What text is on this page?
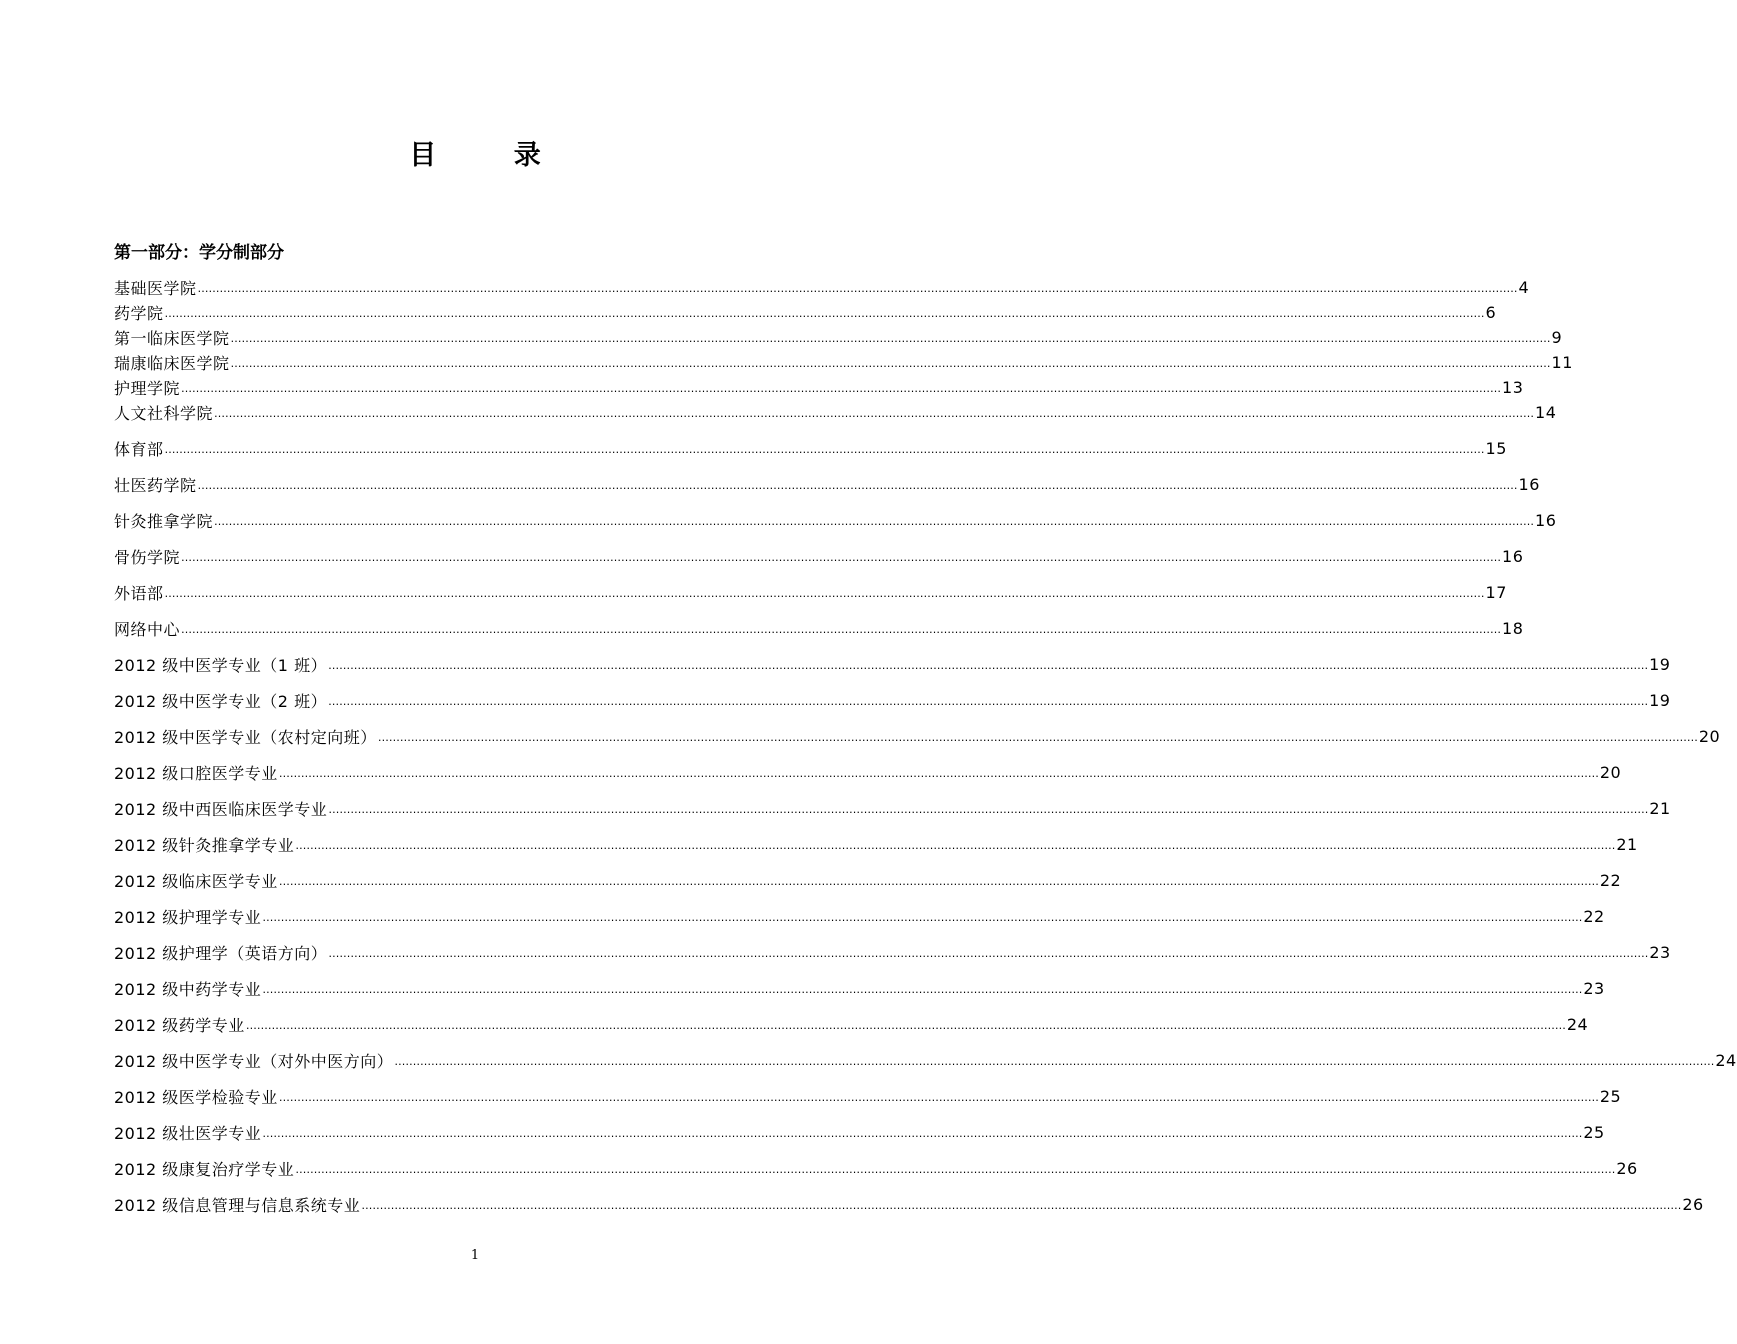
目 录
第一部分：学分制部分
基础医学院 ……………………………………………………………………………………………………………………………………………………………………………………………………………………………………………………………………………………………………………………………… 4
药学院 ……………………………………………………………………………………………………………………………………………………………………………………………………………………………………………………………………………………………………………………………… 6
第一临床医学院 ……………………………………………………………………………………………………………………………………………………………………………………………………………………………………………………………………………………………………………………………… 9
瑞康临床医学院 ……………………………………………………………………………………………………………………………………………………………………………………………………………………………………………………………………………………………………………………………… 11
护理学院 ……………………………………………………………………………………………………………………………………………………………………………………………………………………………………………………………………………………………………………………………… 13
人文社科学院 ……………………………………………………………………………………………………………………………………………………………………………………………………………………………………………………………………………………………………………………………… 14
体育部 ……………………………………………………………………………………………………………………………………………………………………………………………………………………………………………………………………………………………………………………………… 15
壮医药学院 ……………………………………………………………………………………………………………………………………………………………………………………………………………………………………………………………………………………………………………………………… 16
针灸推拿学院 ……………………………………………………………………………………………………………………………………………………………………………………………………………………………………………………………………………………………………………………………… 16
骨伤学院 ……………………………………………………………………………………………………………………………………………………………………………………………………………………………………………………………………………………………………………………………… 16
外语部 ……………………………………………………………………………………………………………………………………………………………………………………………………………………………………………………………………………………………………………………………… 17
网络中心 ……………………………………………………………………………………………………………………………………………………………………………………………………………………………………………………………………………………………………………………………… 18
2012 级中医学专业（1 班） ……………………………………………………………………………………………………………………………………………………………………………………………………………………………………………………………………………………………………………………………… 19
2012 级中医学专业（2 班） ……………………………………………………………………………………………………………………………………………………………………………………………………………………………………………………………………………………………………………………………… 19
2012 级中医学专业（农村定向班） ……………………………………………………………………………………………………………………………………………………………………………………………………………………………………………………………………………………………………………………………… 20
2012 级口腔医学专业 ……………………………………………………………………………………………………………………………………………………………………………………………………………………………………………………………………………………………………………………………… 20
2012 级中西医临床医学专业 ……………………………………………………………………………………………………………………………………………………………………………………………………………………………………………………………………………………………………………………………… 21
2012 级针灸推拿学专业 ……………………………………………………………………………………………………………………………………………………………………………………………………………………………………………………………………………………………………………………………… 21
2012 级临床医学专业 ……………………………………………………………………………………………………………………………………………………………………………………………………………………………………………………………………………………………………………………………… 22
2012 级护理学专业 ……………………………………………………………………………………………………………………………………………………………………………………………………………………………………………………………………………………………………………………………… 22
2012 级护理学（英语方向） ……………………………………………………………………………………………………………………………………………………………………………………………………………………………………………………………………………………………………………………………… 23
2012 级中药学专业 ……………………………………………………………………………………………………………………………………………………………………………………………………………………………………………………………………………………………………………………………… 23
2012 级药学专业 ……………………………………………………………………………………………………………………………………………………………………………………………………………………………………………………………………………………………………………………………… 24
2012 级中医学专业（对外中医方向） ……………………………………………………………………………………………………………………………………………………………………………………………………………………………………………………………………………………………………………………………… 24
2012 级医学检验专业 ……………………………………………………………………………………………………………………………………………………………………………………………………………………………………………………………………………………………………………………………… 25
2012 级壮医学专业 ……………………………………………………………………………………………………………………………………………………………………………………………………………………………………………………………………………………………………………………………… 25
2012 级康复治疗学专业 ……………………………………………………………………………………………………………………………………………………………………………………………………………………………………………………………………………………………………………………………… 26
2012 级信息管理与信息系统专业 ……………………………………………………………………………………………………………………………………………………………………………………………………………………………………………………………………………………………………………………………… 26
1
